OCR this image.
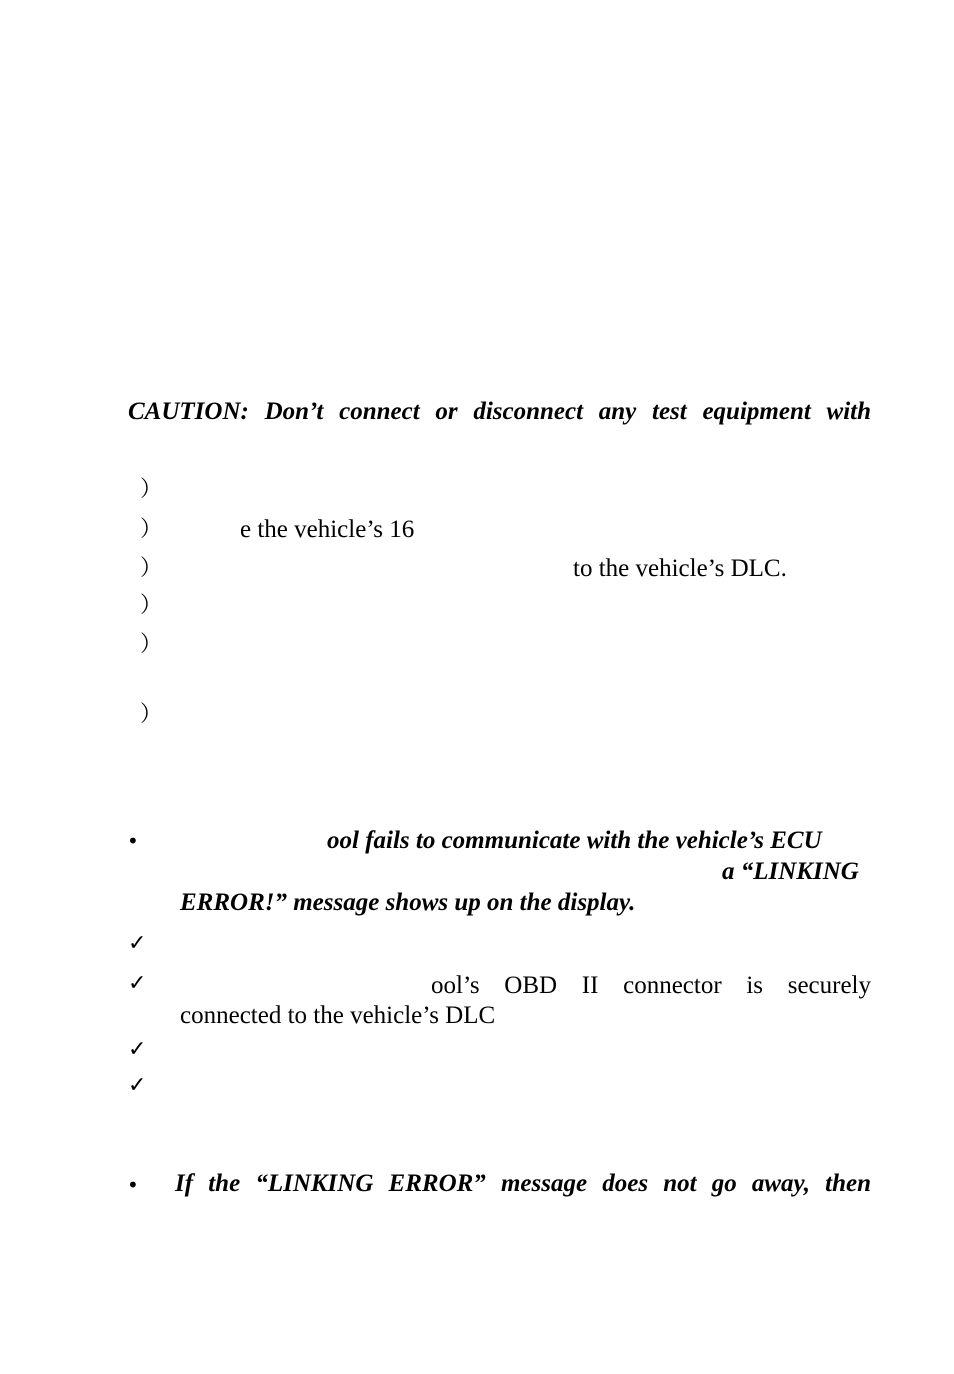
CAUTION: Don’t connect or disconnect any test equipment with
）
）	e the vehicle’s 16
）	to the vehicle’s DLC.
）
）
）
•	ool fails to communicate with the vehicle’s ECU
a “LINKING
ERROR!” message shows up on the display.
✓
✓	ool’s OBD II connector is securely
connected to the vehicle’s DLC
✓
✓
• If the “LINKING ERROR” message does not go away, then
